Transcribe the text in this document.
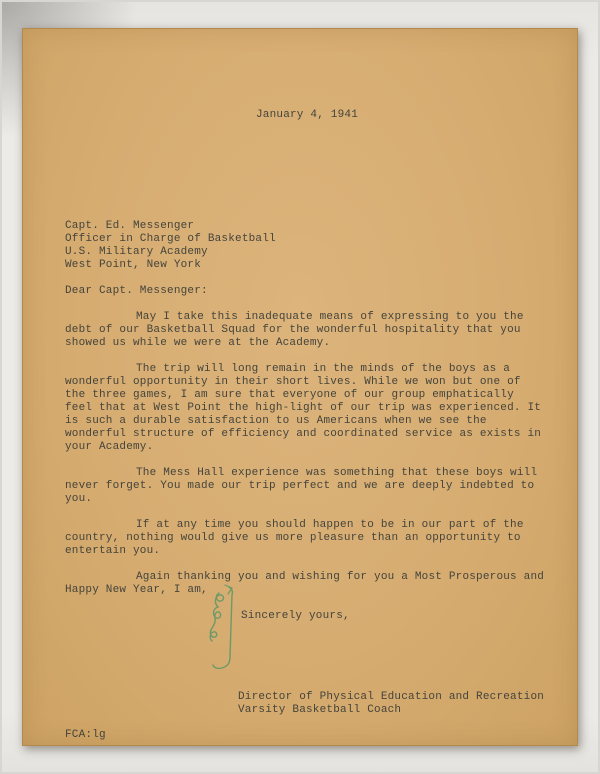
January 4, 1941
Capt. Ed. Messenger
Officer in Charge of Basketball
U.S. Military Academy
West Point, New York
Dear Capt. Messenger:

May I take this inadequate means of expressing to you the debt of our Basketball Squad for the wonderful hospitality that you showed us while we were at the Academy.

The trip will long remain in the minds of the boys as a wonderful opportunity in their short lives. While we won but one of the three games, I am sure that everyone of our group emphatically feel that at West Point the high-light of our trip was experienced. It is such a durable satisfaction to us Americans when we see the wonderful structure of efficiency and coordinated service as exists in your Academy.

The Mess Hall experience was something that these boys will never forget. You made our trip perfect and we are deeply indebted to you.

If at any time you should happen to be in our part of the country, nothing would give us more pleasure than an opportunity to entertain you.

Again thanking you and wishing for you a Most Prosperous and Happy New Year, I am,

Sincerely yours,
Director of Physical Education and Recreation
Varsity Basketball Coach
FCA:lg
